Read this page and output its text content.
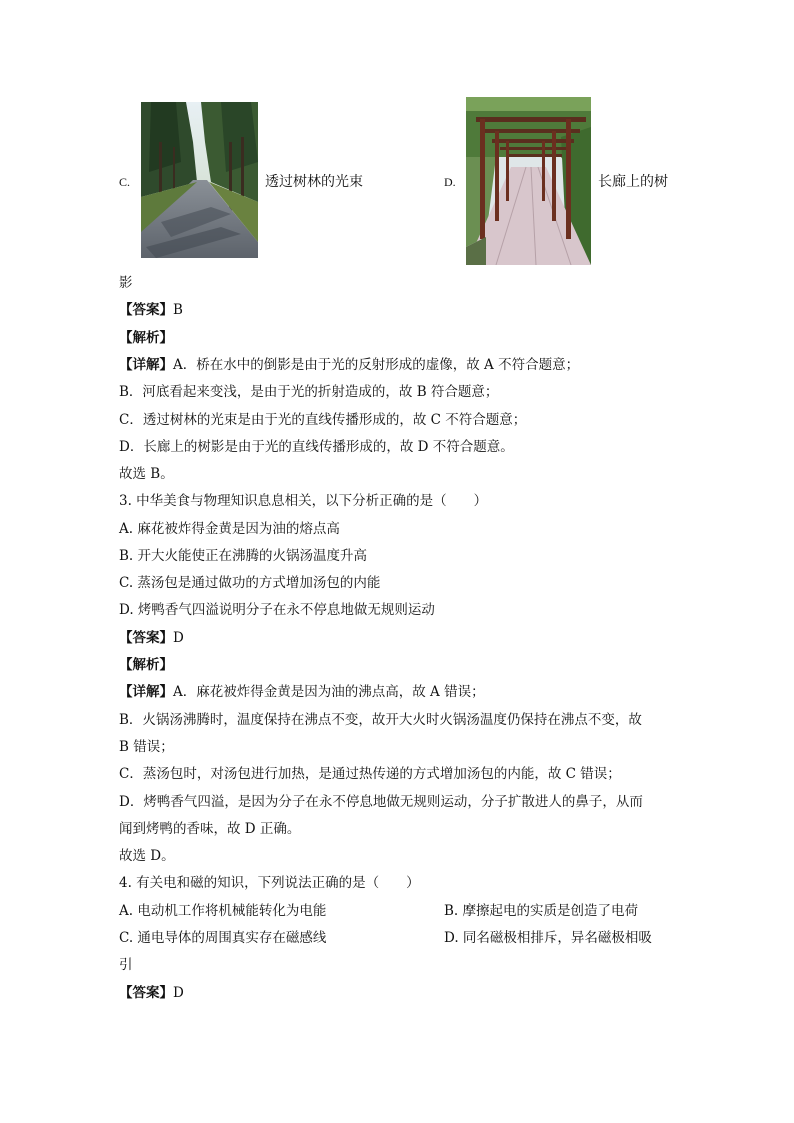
C.	透过树林的光束	D.	长廊上的树
影
【答案】B
【解析】
【详解】A．桥在水中的倒影是由于光的反射形成的虚像，故 A 不符合题意；
B．河底看起来变浅，是由于光的折射造成的，故 B 符合题意；
C．透过树林的光束是由于光的直线传播形成的，故 C 不符合题意；
D．长廊上的树影是由于光的直线传播形成的，故 D 不符合题意。
故选 B。
3. 中华美食与物理知识息息相关，以下分析正确的是（　　）
A. 麻花被炸得金黄是因为油的熔点高
B. 开大火能使正在沸腾的火锅汤温度升高
C. 蒸汤包是通过做功的方式增加汤包的内能
D. 烤鸭香气四溢说明分子在永不停息地做无规则运动
【答案】D
【解析】
【详解】A．麻花被炸得金黄是因为油的沸点高，故 A 错误；
B．火锅汤沸腾时，温度保持在沸点不变，故开大火时火锅汤温度仍保持在沸点不变，故
B 错误；
C．蒸汤包时，对汤包进行加热，是通过热传递的方式增加汤包的内能，故 C 错误；
D．烤鸭香气四溢，是因为分子在永不停息地做无规则运动，分子扩散进人的鼻子，从而
闻到烤鸭的香味，故 D 正确。
故选 D。
4. 有关电和磁的知识，下列说法正确的是（　　）
A. 电动机工作将机械能转化为电能	B. 摩擦起电的实质是创造了电荷
C. 通电导体的周围真实存在磁感线	D. 同名磁极相排斥，异名磁极相吸
引
【答案】D
